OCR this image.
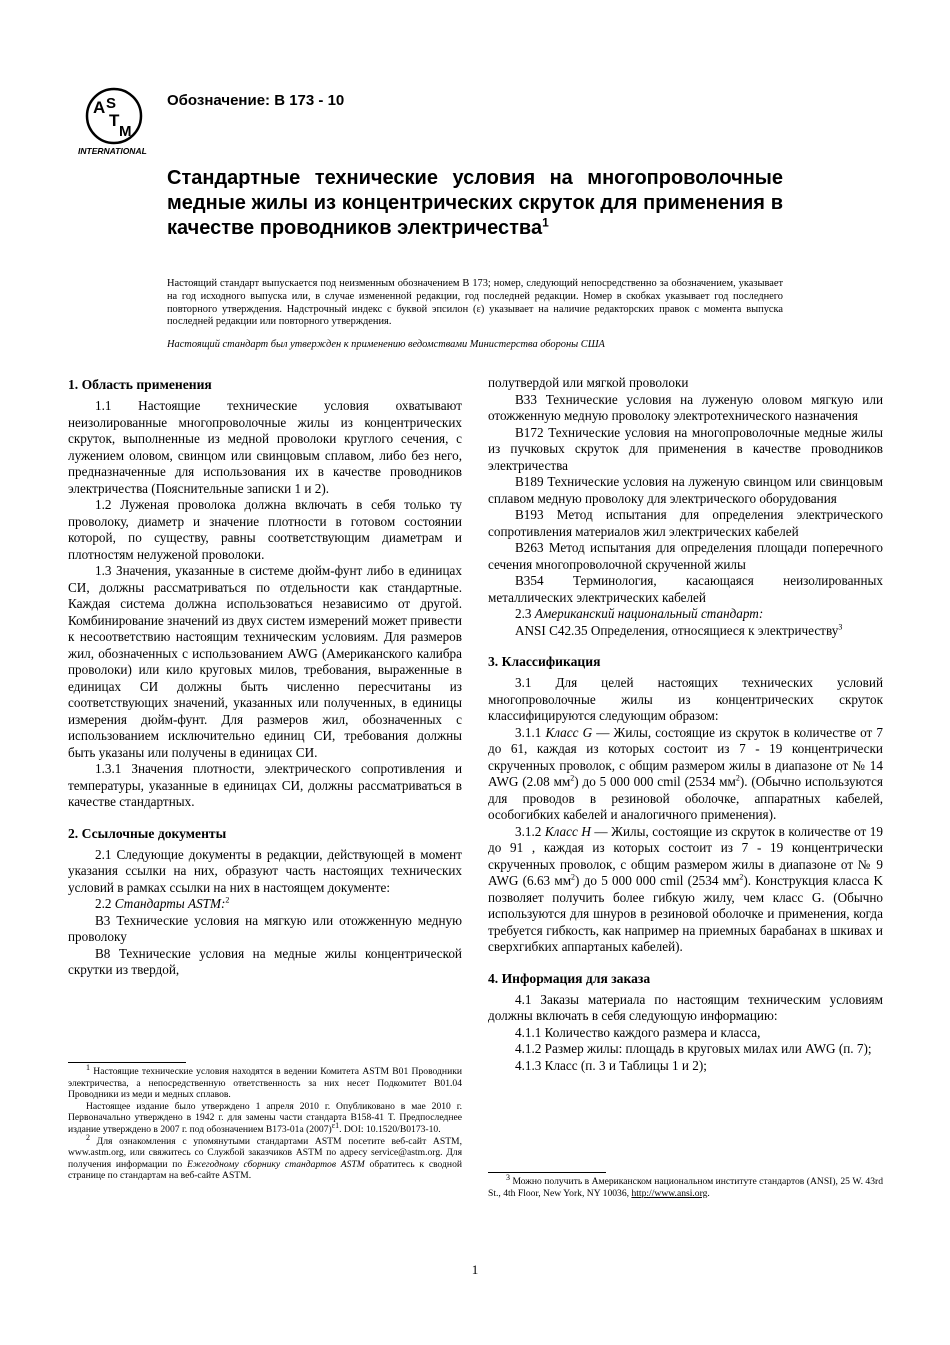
A S
T
M
INTERNATIONAL
Обозначение: B 173 - 10
Стандартные технические условия на многопроволочные медные жилы из концентрических скруток для применения в качестве проводников электричества$^1$
Настоящий стандарт выпускается под неизменным обозначением B 173; номер, следующий непосредственно за обозначением, указывает на год исходного выпуска или, в случае измененной редакции, год последней редакции. Номер в скобках указывает год последнего повторного утверждения. Надстрочный индекс с буквой эпсилон (ε) указывает на наличие редакторских правок с момента выпуска последней редакции или повторного утверждения.
Настоящий стандарт был утвержден к применению ведомствами Министерства обороны США
1. Область применения

1.1 Настоящие технические условия охватывают неизолированные многопроволочные жилы из концентрических скруток, выполненные из медной проволоки круглого сечения, с лужением оловом, свинцом или свинцовым сплавом, либо без него, предназначенные для использования их в качестве проводников электричества (Пояснительные записки 1 и 2).

1.2 Луженая проволока должна включать в себя только ту проволоку, диаметр и значение плотности в готовом состоянии которой, по существу, равны соответствующим диаметрам и плотностям нелуженой проволоки.

1.3 Значения, указанные в системе дюйм-фунт либо в единицах СИ, должны рассматриваться по отдельности как стандартные. Каждая система должна использоваться независимо от другой. Комбинирование значений из двух систем измерений может привести к несоответствию настоящим техническим условиям. Для размеров жил, обозначенных с использованием AWG (Американского калибра проволоки) или кило круговых милов, требования, выраженные в единицах СИ должны быть численно пересчитаны из соответствующих значений, указанных или полученных, в единицы измерения дюйм-фунт. Для размеров жил, обозначенных с использованием исключительно единиц СИ, требования должны быть указаны или получены в единицах СИ.

1.3.1 Значения плотности, электрического сопротивления и температуры, указанные в единицах СИ, должны рассматриваться в качестве стандартных.

2. Ссылочные документы

2.1 Следующие документы в редакции, действующей в момент указания ссылки на них, образуют часть настоящих технических условий в рамках ссылки на них в настоящем документе:

2.2 Стандарты ASTM:$^2$

B3 Технические условия на мягкую или отожженную медную проволоку

B8 Технические условия на медные жилы концентрической скрутки из твердой,

$^1$ Настоящие технические условия находятся в ведении Комитета ASTM B01 Проводники электричества, а непосредственную ответственность за них несет Подкомитет B01.04 Проводники из меди и медных сплавов.

Настоящее издание было утверждено 1 апреля 2010 г. Опубликовано в мае 2010 г. Первоначально утверждено в 1942 г. для замены части стандарта B158-41 T. Предпоследнее издание утверждено в 2007 г. под обозначением B173-01a $(2007)^{\varepsilon 1}$. DOI: 10.1520/B0173-10.

$^2$ Для ознакомления с упомянутыми стандартами ASTM посетите веб-сайт ASTM, www.astm.org, или свяжитесь со Службой заказчиков ASTM по адресу service@astm.org. Для получения информации по Ежегодному сборнику стандартов ASTM обратитесь к сводной странице по стандартам на веб-сайте ASTM.

полутвердой или мягкой проволоки

B33 Технические условия на луженую оловом мягкую или отожженную медную проволоку электротехнического назначения

B172 Технические условия на многопроволочные медные жилы из пучковых скруток для применения в качестве проводников электричества

B189 Технические условия на луженую свинцом или свинцовым сплавом медную проволоку для электрического оборудования

B193 Метод испытания для определения электрического сопротивления материалов жил электрических кабелей

B263 Метод испытания для определения площади поперечного сечения многопроволочной скрученной жилы

B354 Терминология, касающаяся неизолированных металлических электрических кабелей

2.3 Американский национальный стандарт:

ANSI C42.35 Определения, относящиеся к электричеству$^3$

3. Классификация

3.1 Для целей настоящих технических условий многопроволочные жилы из концентрических скруток классифицируются следующим образом:

3.1.1 Класс G — Жилы, состоящие из скруток в количестве от 7 до 61, каждая из которых состоит из 7 - 19 концентрически скрученных проволок, с общим размером жилы в диапазоне от № 14 AWG (2.08 $мм^2$) до 5 000 000 cmil (2534 $мм^2$). (Обычно используются для проводов в резиновой оболочке, аппаратных кабелей, особогибких кабелей и аналогичного применения).

3.1.2 Класс H — Жилы, состоящие из скруток в количестве от 19 до 91 , каждая из которых состоит из 7 - 19 концентрически скрученных проволок, с общим размером жилы в диапазоне от № 9 AWG (6.63 $мм^2$) до 5 000 000 cmil (2534 $мм^2$). Конструкция класса K позволяет получить более гибкую жилу, чем класс G. (Обычно используются для шнуров в резиновой оболочке и применения, когда требуется гибкость, как например на приемных барабанах в шкивах и сверхгибких аппартаных кабелей).

4. Информация для заказа

4.1 Заказы материала по настоящим техническим условиям должны включать в себя следующую информацию:

4.1.1 Количество каждого размера и класса,

4.1.2 Размер жилы: площадь в круговых милах или AWG (п. 7);

4.1.3 Класс (п. 3 и Таблицы 1 и 2);

$^3$ Можно получить в Американском национальном институте стандартов (ANSI), 25 W. 43rd St., 4th Floor, New York, NY 10036, http://www.ansi.org.

1
